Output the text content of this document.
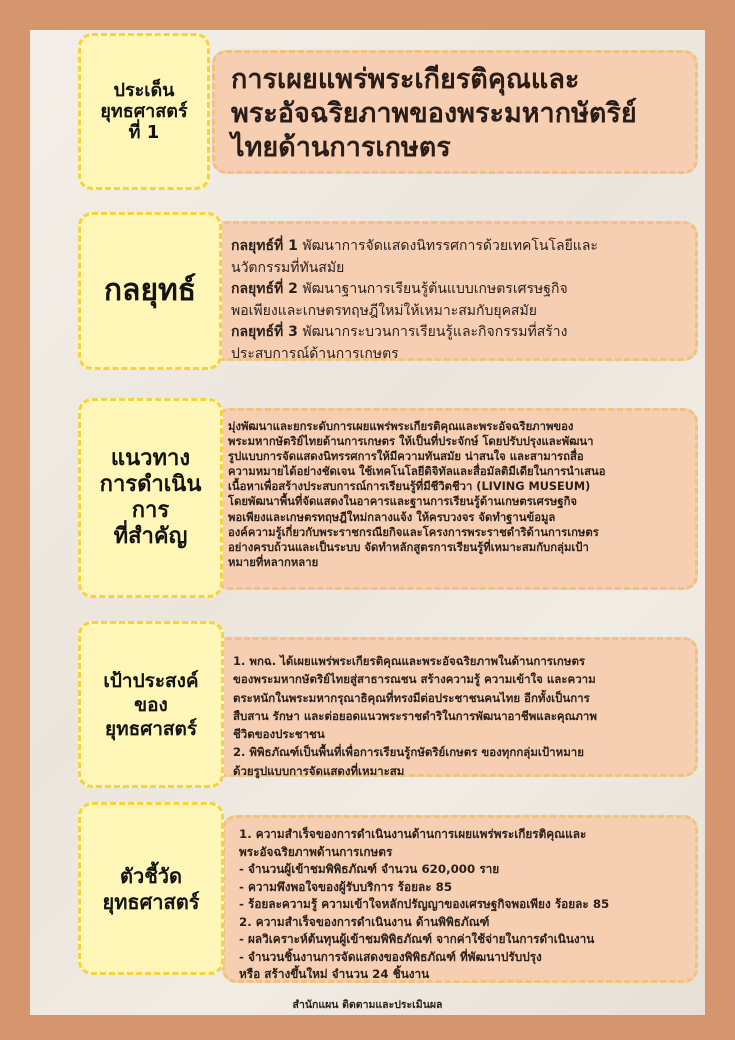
การเผยแพร่พระเกียรติคุณและ
พระอัจฉริยภาพของพระมหากษัตริย์
ไทยด้านการเกษตร
ประเด็น
ยุทธศาสตร์
ที่ 1
กลยุทธ์ที่ 1 พัฒนาการจัดแสดงนิทรรศการด้วยเทคโนโลยีและ
นวัตกรรมที่ทันสมัย
กลยุทธ์ที่ 2 พัฒนาฐานการเรียนรู้ต้นแบบเกษตรเศรษฐกิจ
พอเพียงและเกษตรทฤษฎีใหม่ให้เหมาะสมกับยุคสมัย
กลยุทธ์ที่ 3 พัฒนากระบวนการเรียนรู้และกิจกรรมที่สร้าง
ประสบการณ์ด้านการเกษตร
กลยุทธ์
มุ่งพัฒนาและยกระดับการเผยแพร่พระเกียรติคุณและพระอัจฉริยภาพของ
พระมหากษัตริย์ไทยด้านการเกษตร ให้เป็นที่ประจักษ์ โดยปรับปรุงและพัฒนา
รูปแบบการจัดแสดงนิทรรศการให้มีความทันสมัย น่าสนใจ และสามารถสื่อ
ความหมายได้อย่างชัดเจน ใช้เทคโนโลยีดิจิทัลและสื่อมัลติมีเดียในการนำเสนอ
เนื้อหาเพื่อสร้างประสบการณ์การเรียนรู้ที่มีชีวิตชีวา (LIVING MUSEUM)
โดยพัฒนาพื้นที่จัดแสดงในอาคารและฐานการเรียนรู้ด้านเกษตรเศรษฐกิจ
พอเพียงและเกษตรทฤษฎีใหม่กลางแจ้ง ให้ครบวงจร จัดทำฐานข้อมูล
องค์ความรู้เกี่ยวกับพระราชกรณียกิจและโครงการพระราชดำริด้านการเกษตร
อย่างครบถ้วนและเป็นระบบ จัดทำหลักสูตรการเรียนรู้ที่เหมาะสมกับกลุ่มเป้า
หมายที่หลากหลาย
แนวทาง
การดำเนิน
การ
ที่สำคัญ
1. พกฉ. ได้เผยแพร่พระเกียรติคุณและพระอัจฉริยภาพในด้านการเกษตร
ของพระมหากษัตริย์ไทยสู่สาธารณชน สร้างความรู้ ความเข้าใจ และความ
ตระหนักในพระมหากรุณาธิคุณที่ทรงมีต่อประชาชนคนไทย อีกทั้งเป็นการ
สืบสาน รักษา และต่อยอดแนวพระราชดำริในการพัฒนาอาชีพและคุณภาพ
ชีวิตของประชาชน
2. พิพิธภัณฑ์เป็นพื้นที่เพื่อการเรียนรู้กษัตริย์เกษตร ของทุกกลุ่มเป้าหมาย
ด้วยรูปแบบการจัดแสดงที่เหมาะสม
เป้าประสงค์
ของ
ยุทธศาสตร์
1. ความสำเร็จของการดำเนินงานด้านการเผยแพร่พระเกียรติคุณและ
พระอัจฉริยภาพด้านการเกษตร
- จำนวนผู้เข้าชมพิพิธภัณฑ์ จำนวน 620,000 ราย
- ความพึงพอใจของผู้รับบริการ ร้อยละ 85
- ร้อยละความรู้ ความเข้าใจหลักปรัญญาของเศรษฐกิจพอเพียง ร้อยละ 85
2. ความสำเร็จของการดำเนินงาน ด้านพิพิธภัณฑ์
- ผลวิเคราะห์ต้นทุนผู้เข้าชมพิพิธภัณฑ์ จากค่าใช้จ่ายในการดำเนินงาน
- จำนวนชิ้นงานการจัดแสดงของพิพิธภัณฑ์ ที่พัฒนาปรับปรุง
หรือ สร้างขึ้นใหม่ จำนวน 24 ชิ้นงาน
ตัวชี้วัด
ยุทธศาสตร์
สำนักแผน ติดตามและประเมินผล
